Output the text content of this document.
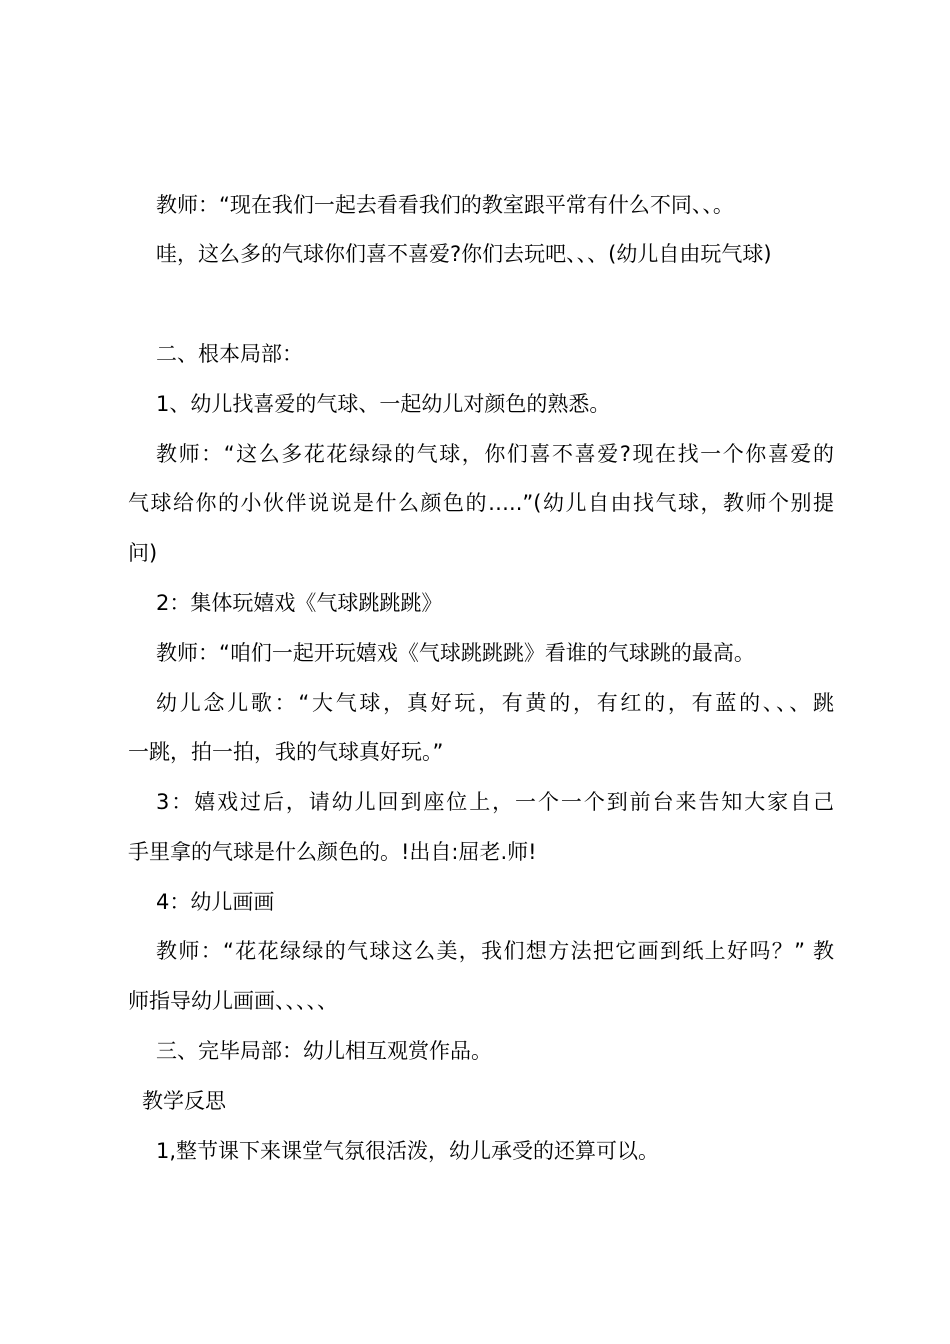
教师：“现在我们一起去看看我们的教室跟平常有什么不同、、。
哇，这么多的气球你们喜不喜爱?你们去玩吧、、、(幼儿自由玩气球)
二、根本局部：
1、幼儿找喜爱的气球、一起幼儿对颜色的熟悉。
教师：“这么多花花绿绿的气球，你们喜不喜爱?现在找一个你喜爱的
气球给你的小伙伴说说是什么颜色的…..”(幼儿自由找气球，教师个别提
问)
2：集体玩嬉戏《气球跳跳跳》
教师：“咱们一起开玩嬉戏《气球跳跳跳》看谁的气球跳的最高。
幼儿念儿歌：“大气球，真好玩，有黄的，有红的，有蓝的、、、跳
一跳，拍一拍，我的气球真好玩。”
3：嬉戏过后，请幼儿回到座位上，一个一个到前台来告知大家自己
手里拿的气球是什么颜色的。!出自:屈老.师!
4：幼儿画画
教师：“花花绿绿的气球这么美，我们想方法把它画到纸上好吗？” 教
师指导幼儿画画、、、、、
三、完毕局部：幼儿相互观赏作品。
教学反思
1,整节课下来课堂气氛很活泼，幼儿承受的还算可以。
